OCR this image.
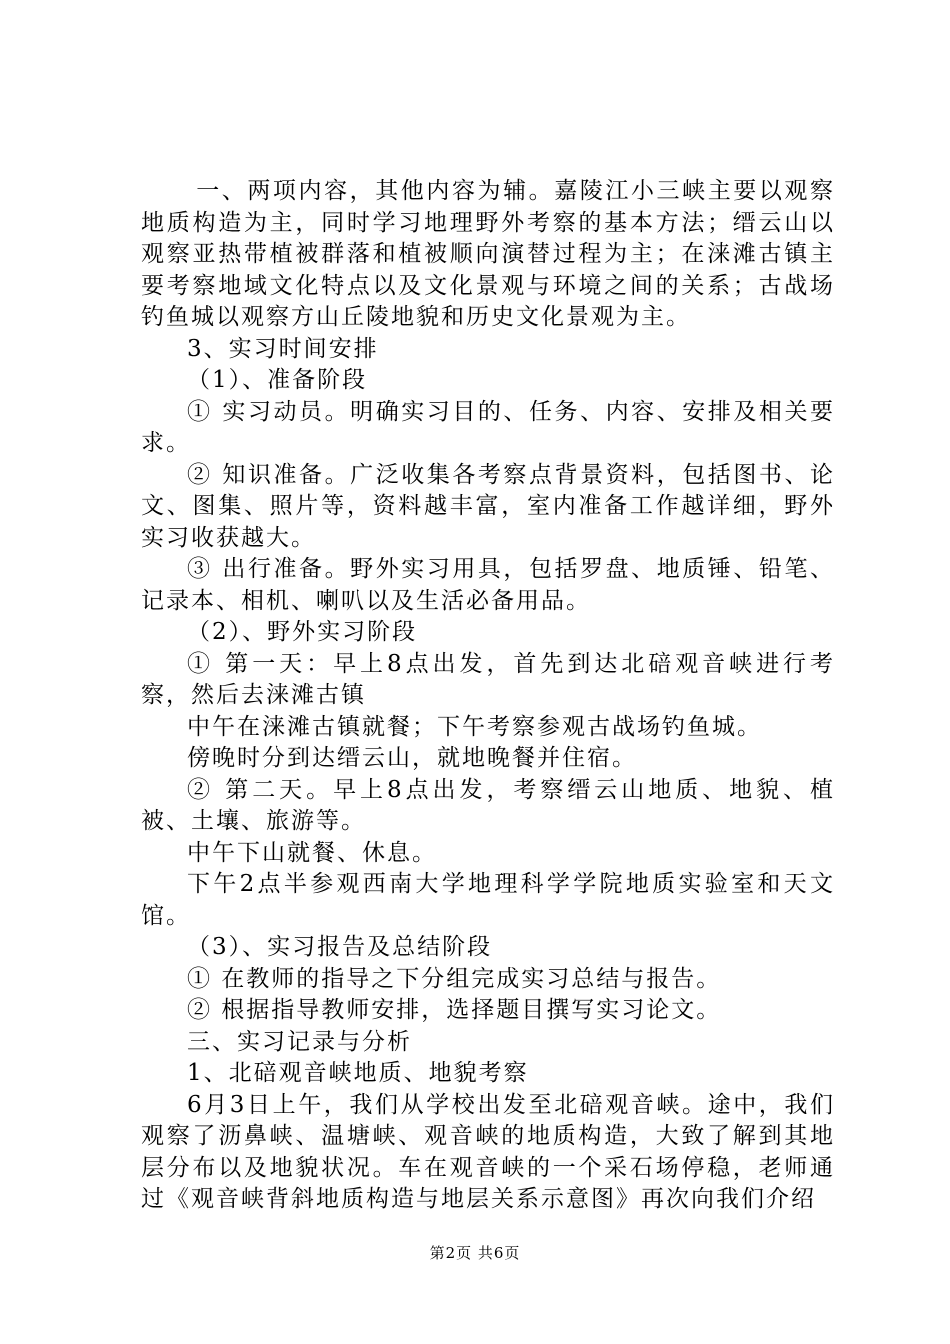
一、两项内容，其他内容为辅。嘉陵江小三峡主要以观察地质构造为主，同时学习地理野外考察的基本方法；缙云山以观察亚热带植被群落和植被顺向演替过程为主；在涞滩古镇主要考察地域文化特点以及文化景观与环境之间的关系；古战场钓鱼城以观察方山丘陵地貌和历史文化景观为主。

3、实习时间安排

（1）、准备阶段

① 实习动员。明确实习目的、任务、内容、安排及相关要求。

② 知识准备。广泛收集各考察点背景资料，包括图书、论文、图集、照片等，资料越丰富，室内准备工作越详细，野外实习收获越大。

③ 出行准备。野外实习用具，包括罗盘、地质锤、铅笔、记录本、相机、喇叭以及生活必备用品。

（2）、野外实习阶段

① 第一天：早上8点出发，首先到达北碚观音峡进行考察，然后去涞滩古镇

中午在涞滩古镇就餐；下午考察参观古战场钓鱼城。

傍晚时分到达缙云山，就地晚餐并住宿。

② 第二天。早上8点出发，考察缙云山地质、地貌、植被、土壤、旅游等。

中午下山就餐、休息。

下午2点半参观西南大学地理科学学院地质实验室和天文馆。

（3）、实习报告及总结阶段

① 在教师的指导之下分组完成实习总结与报告。

② 根据指导教师安排，选择题目撰写实习论文。

三、实习记录与分析

1、北碚观音峡地质、地貌考察

6月3日上午，我们从学校出发至北碚观音峡。途中，我们观察了沥鼻峡、温塘峡、观音峡的地质构造，大致了解到其地层分布以及地貌状况。车在观音峡的一个采石场停稳，老师通过《观音峡背斜地质构造与地层关系示意图》再次向我们介绍

第2页 共6页
